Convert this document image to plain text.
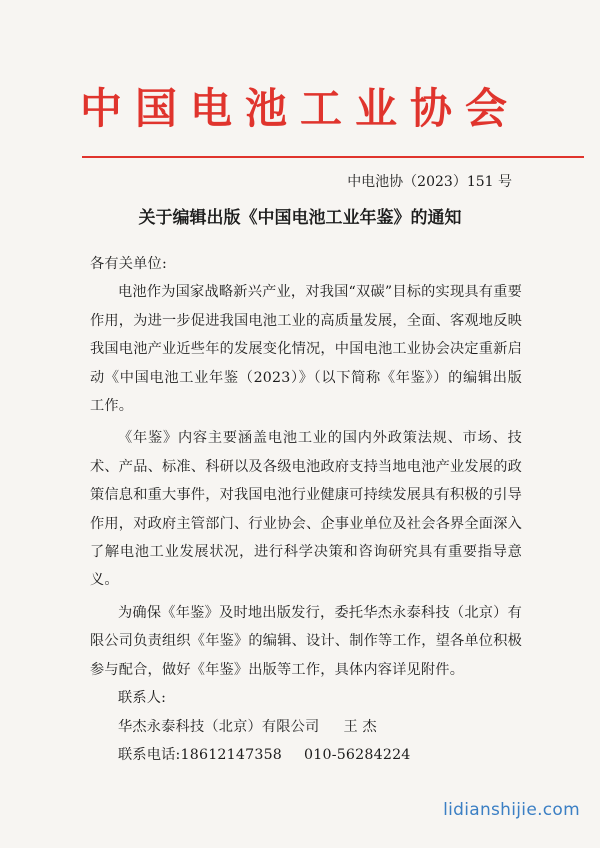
中国电池工业协会
中电池协（2023）151 号
关于编辑出版《中国电池工业年鉴》的通知

各有关单位:

电池作为国家战略新兴产业，对我国“双碳”目标的实现具有重要作用，为进一步促进我国电池工业的高质量发展，全面、客观地反映我国电池产业近些年的发展变化情况，中国电池工业协会决定重新启动《中国电池工业年鉴（2023）》（以下简称《年鉴》）的编辑出版工作。

《年鉴》内容主要涵盖电池工业的国内外政策法规、市场、技术、产品、标准、科研以及各级电池政府支持当地电池产业发展的政策信息和重大事件，对我国电池行业健康可持续发展具有积极的引导作用，对政府主管部门、行业协会、企事业单位及社会各界全面深入了解电池工业发展状况，进行科学决策和咨询研究具有重要指导意义。

为确保《年鉴》及时地出版发行，委托华杰永泰科技（北京）有限公司负责组织《年鉴》的编辑、设计、制作等工作，望各单位积极参与配合，做好《年鉴》出版等工作，具体内容详见附件。

联系人:

华杰永泰科技（北京）有限公司 王 杰

联系电话:18612147358 010-56284224

lidianshijie.com
